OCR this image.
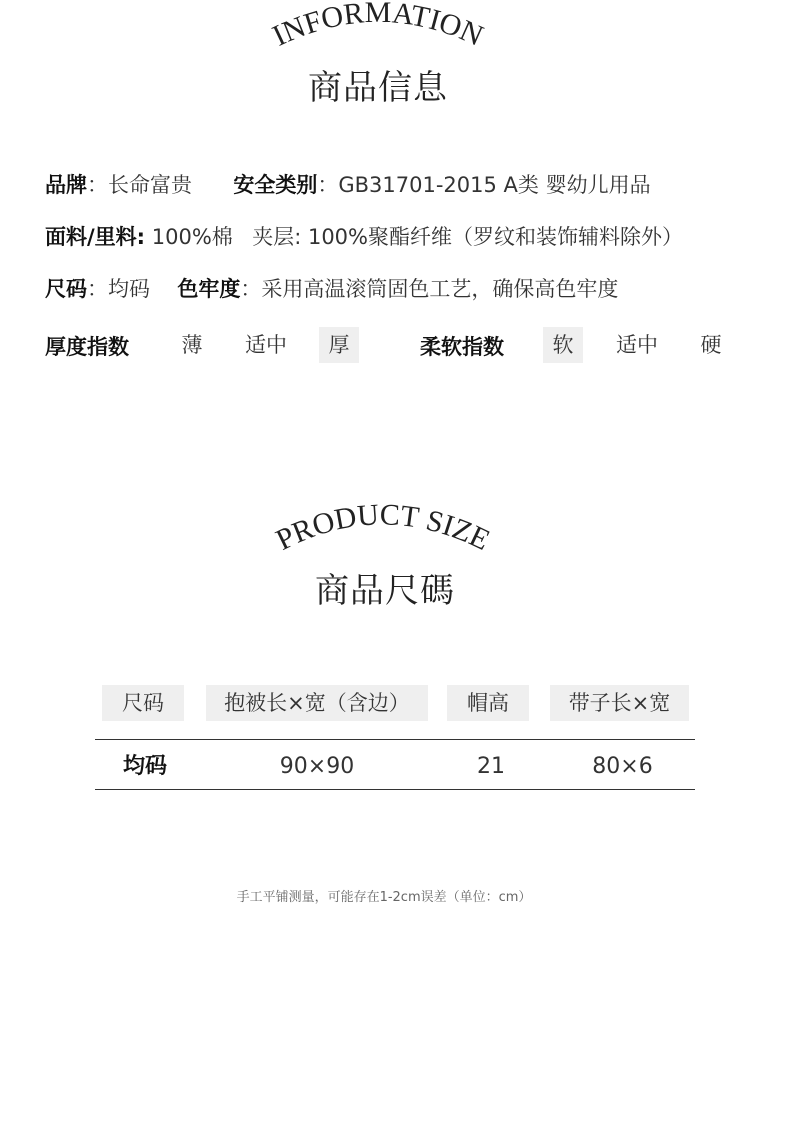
INFORMATION
商品信息
品牌：长命富贵 安全类别：GB31701-2015 A类 婴幼儿用品
面料/里料: 100%棉 夹层: 100%聚酯纤维（罗纹和装饰辅料除外）
尺码：均码 色牢度：采用高温滚筒固色工艺，确保高色牢度
厚度指数	薄	适中	厚	柔软指数	软	适中	硬
PRODUCT SIZE
商品尺碼
尺码	抱被长×宽（含边）	帽高	带子长×宽
均码	90×90	21	80×6
手工平铺测量，可能存在1-2cm误差（单位：cm）
